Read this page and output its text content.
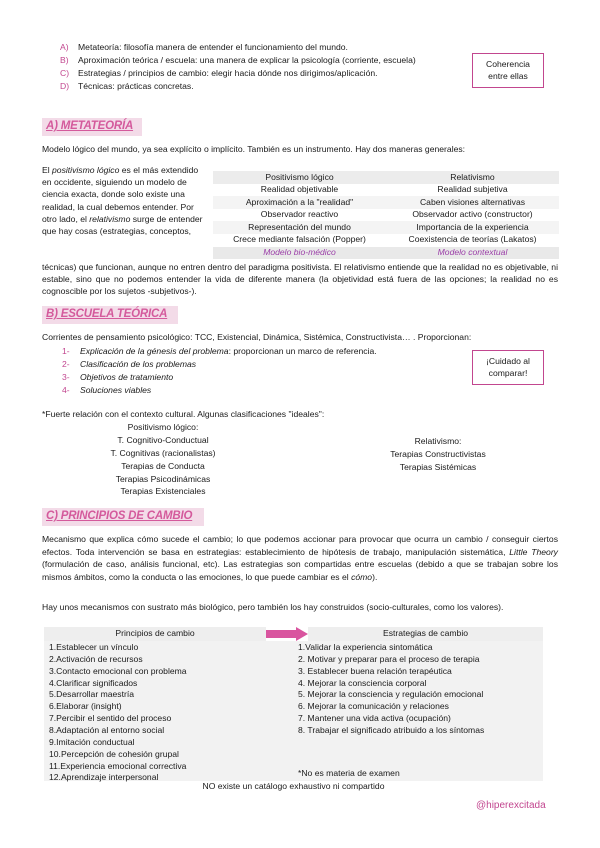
A)	Metateoría: filosofía manera de entender el funcionamiento del mundo.
B)	Aproximación teórica / escuela: una manera de explicar la psicología (corriente, escuela)
C)	Estrategias / principios de cambio: elegir hacia dónde nos dirigimos/aplicación.
D)	Técnicas: prácticas concretas.
Coherencia entre ellas
A) METATEORÍA
Modelo lógico del mundo, ya sea explícito o implícito. También es un instrumento. Hay dos maneras generales:
El positivismo lógico es el más extendido en occidente, siguiendo un modelo de ciencia exacta, donde solo existe una realidad, la cual debemos entender. Por otro lado, el relativismo surge de entender que hay cosas (estrategias, conceptos,
Positivismo lógico	Relativismo
Realidad objetivable	Realidad subjetiva
Aproximación a la "realidad"	Caben visiones alternativas
Observador reactivo	Observador activo (constructor)
Representación del mundo	Importancia de la experiencia
Crece mediante falsación (Popper)	Coexistencia de teorías (Lakatos)
Modelo bio-médico	Modelo contextual
técnicas) que funcionan, aunque no entren dentro del paradigma positivista. El relativismo entiende que la realidad no es objetivable, ni estable, sino que no podemos entender la vida de diferente manera (la objetividad está fuera de las opciones; la realidad no es cognoscible por los sujetos -subjetivos-).
B) ESCUELA TEÓRICA
Corrientes de pensamiento psicológico: TCC, Existencial, Dinámica, Sistémica, Constructivista… . Proporcionan:
1-	Explicación de la génesis del problema: proporcionan un marco de referencia.
2-	Clasificación de los problemas
3-	Objetivos de tratamiento
4-	Soluciones viables
¡Cuidado al comparar!
*Fuerte relación con el contexto cultural. Algunas clasificaciones "ideales":
Positivismo lógico:
T. Cognitivo-Conductual
T. Cognitivas (racionalistas)
Terapias de Conducta
Terapias Psicodinámicas
Terapias Existenciales
Relativismo:
Terapias Constructivistas
Terapias Sistémicas
C) PRINCIPIOS DE CAMBIO
Mecanismo que explica cómo sucede el cambio; lo que podemos accionar para provocar que ocurra un cambio / conseguir ciertos efectos. Toda intervención se basa en estrategias: establecimiento de hipótesis de trabajo, manipulación sistemática, Little Theory (formulación de caso, análisis funcional, etc). Las estrategias son compartidas entre escuelas (debido a que se trabajan sobre los mismos ámbitos, como la conducta o las emociones, lo que puede cambiar es el cómo).
Hay unos mecanismos con sustrato más biológico, pero también los hay construidos (socio-culturales, como los valores).
Principios de cambio	Estrategias de cambio
1.Establecer un vínculo
2.Activación de recursos
3.Contacto emocional con problema
4.Clarificar significados
5.Desarrollar maestría
6.Elaborar (insight)
7.Percibir el sentido del proceso
8.Adaptación al entorno social
9.Imitación conductual
10.Percepción de cohesión grupal
11.Experiencia emocional correctiva
12.Aprendizaje interpersonal
1.Validar la experiencia sintomática
2. Motivar y preparar para el proceso de terapia
3. Establecer buena relación terapéutica
4. Mejorar la consciencia corporal
5. Mejorar la consciencia y regulación emocional
6. Mejorar la comunicación y relaciones
7. Mantener una vida activa (ocupación)
8. Trabajar el significado atribuido a los síntomas
*No es materia de examen
NO existe un catálogo exhaustivo ni compartido
@hiperexcitada
